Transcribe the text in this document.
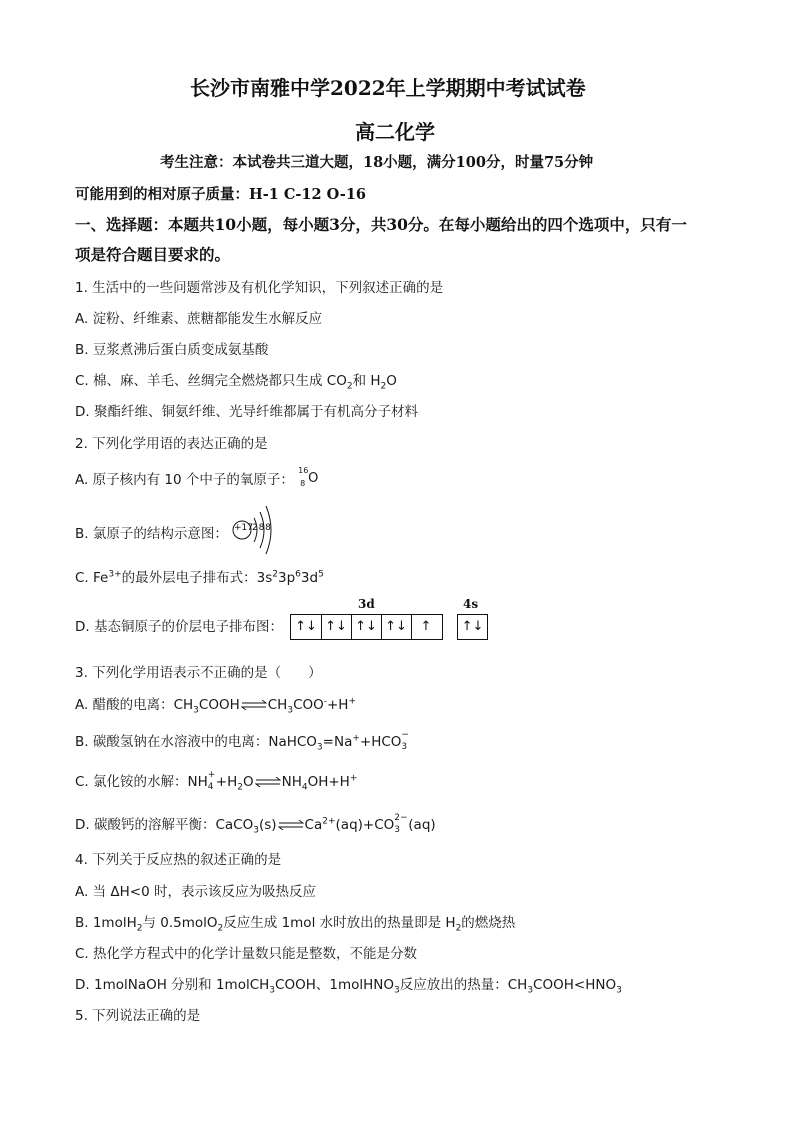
长沙市南雅中学2022年上学期期中考试试卷
高二化学
考生注意：本试卷共三道大题，18小题，满分100分，时量75分钟
可能用到的相对原子质量：H-1 C-12 O-16
一、选择题：本题共10小题，每小题3分，共30分。在每小题给出的四个选项中，只有一
项是符合题目要求的。
1. 生活中的一些问题常涉及有机化学知识，下列叙述正确的是
A. 淀粉、纤维素、蔗糖都能发生水解反应
B. 豆浆煮沸后蛋白质变成氨基酸
C. 棉、麻、羊毛、丝绸完全燃烧都只生成 $CO_2$和 $H_2O$
D. 聚酯纤维、铜氨纤维、光导纤维都属于有机高分子材料
2. 下列化学用语的表达正确的是
A. 原子核内有 10 个中子的氧原子：
16
8 O
B. 氯原子的结构示意图： +17 2 8 8
C. $Fe^{3+}$的最外层电子排布式：$3s^23p^63d^5$
D. 基态铜原子的价层电子排布图：
3d	4s
↑↓ ↑↓ ↑↓ ↑↓	↑	↑↓
3. 下列化学用语表示不正确的是（　　）
A. 醋酸的电离：$CH_3COOH\rightleftharpoons CH_3COO^-+H^+$
B. 碳酸氢钠在水溶液中的电离：NaHCO$_3$=Na++HCO −
3
C. 氯化铵的水解：NH +
$4 +H_2O\rightleftharpoons NH_4OH+H^+$
D. 碳酸钙的溶解平衡：$CaCO_3(s)\rightleftharpoons Ca^{2+}(aq)+CO$ 2−
3 (aq)
4. 下列关于反应热的叙述正确的是
A. 当 ΔH<0 时，表示该反应为吸热反应
B. 1molH$_2$与 0.5molO$_2$反应生成 1mol 水时放出的热量即是 $H_2$的燃烧热
C. 热化学方程式中的化学计量数只能是整数，不能是分数
D. 1molNaOH 分别和 1molCH$_3$COOH、1molHNO$_3$反应放出的热量：$CH_3COOH<HNO_3$
5. 下列说法正确的是
